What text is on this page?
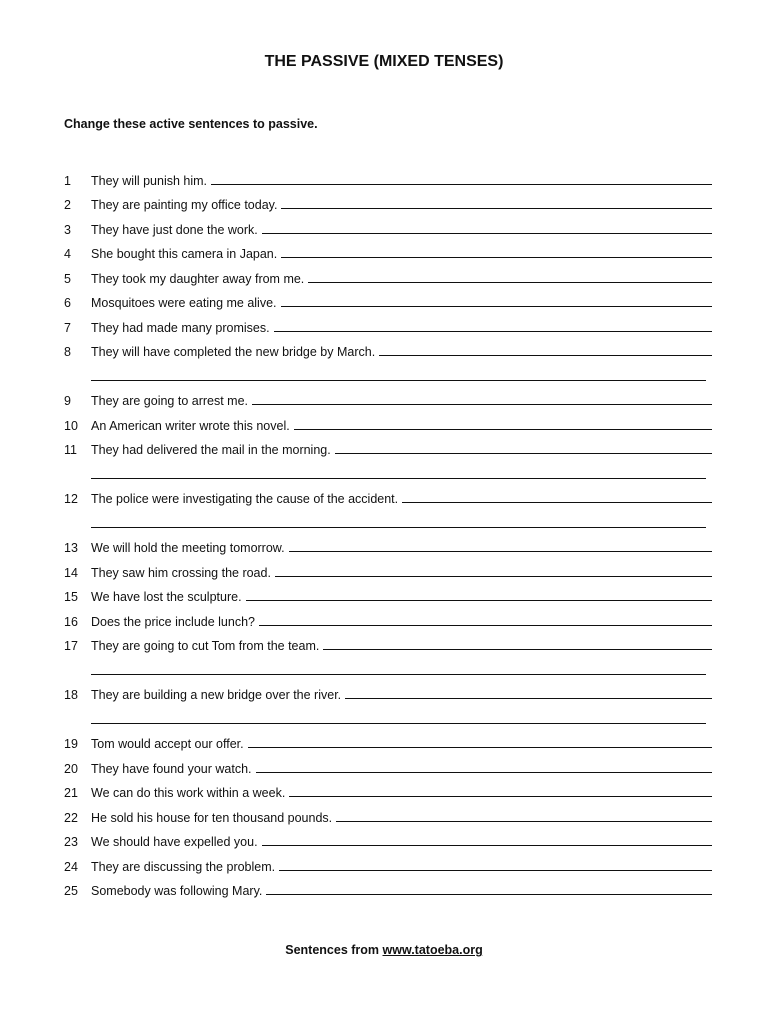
THE PASSIVE (MIXED TENSES)
Change these active sentences to passive.
1	They will punish him.
2	They are painting my office today.
3	They have just done the work.
4	She bought this camera in Japan.
5	They took my daughter away from me.
6	Mosquitoes were eating me alive.
7	They had made many promises.
8	They will have completed the new bridge by March.
9	They are going to arrest me.
10	An American writer wrote this novel.
11	They had delivered the mail in the morning.
12	The police were investigating the cause of the accident.
13	We will hold the meeting tomorrow.
14	They saw him crossing the road.
15	We have lost the sculpture.
16	Does the price include lunch?
17	They are going to cut Tom from the team.
18	They are building a new bridge over the river.
19	Tom would accept our offer.
20	They have found your watch.
21	We can do this work within a week.
22	He sold his house for ten thousand pounds.
23	We should have expelled you.
24	They are discussing the problem.
25	Somebody was following Mary.
Sentences from www.tatoeba.org
